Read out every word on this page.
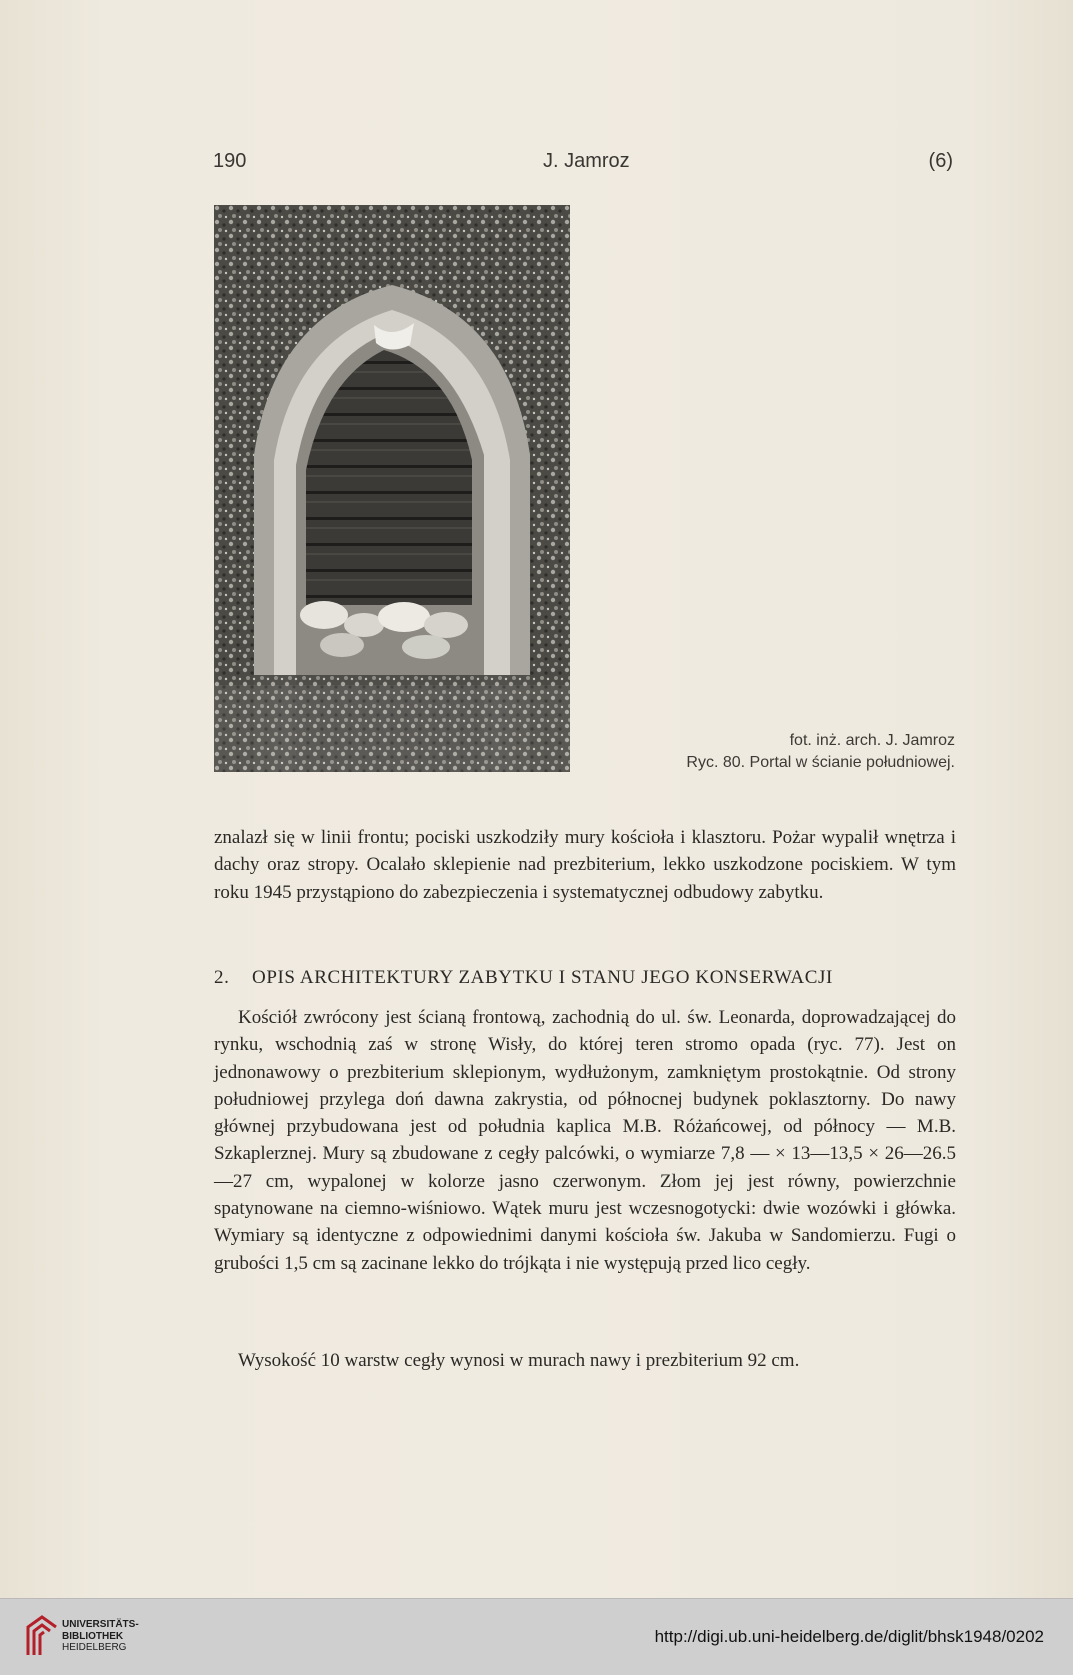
190	J. Jamroz	(6)
fot. inż. arch. J. Jamroz
Ryc. 80. Portal w ścianie południowej.

znalazł się w linii frontu; pociski uszkodziły mury kościoła i klasztoru. Pożar wypalił wnętrza i dachy oraz stropy. Ocalało sklepienie nad prezbiterium, lekko uszkodzone pociskiem. W tym roku 1945 przystąpiono do zabezpieczenia i systematycznej odbudowy zabytku.

2. OPIS ARCHITEKTURY ZABYTKU I STANU JEGO KONSERWACJI

Kościół zwrócony jest ścianą frontową, zachodnią do ul. św. Leonarda, doprowadzającej do rynku, wschodnią zaś w stronę Wisły, do której teren stromo opada (ryc. 77). Jest on jednonawowy o prezbiterium sklepionym, wydłużonym, zamkniętym prostokątnie. Od strony południowej przylega doń dawna zakrystia, od północnej budynek poklasztorny. Do nawy głównej przybudowana jest od południa kaplica M.B. Różańcowej, od północy — M.B. Szkaplerznej. Mury są zbudowane z cegły palcówki, o wymiarze 7,8 — × 13—13,5 × 26—26.5 —27 cm, wypalonej w kolorze jasno czerwonym. Złom jej jest równy, powierzchnie spatynowane na ciemno-wiśniowo. Wątek muru jest wczesnogotycki: dwie wozówki i główka. Wymiary są identyczne z odpowiednimi danymi kościoła św. Jakuba w Sandomierzu. Fugi o grubości 1,5 cm są zacinane lekko do trójkąta i nie występują przed lico cegły.

Wysokość 10 warstw cegły wynosi w murach nawy i prezbiterium 92 cm.

UNIVERSITÄTS-
BIBLIOTHEK
HEIDELBERG
http://digi.ub.uni-heidelberg.de/diglit/bhsk1948/0202
